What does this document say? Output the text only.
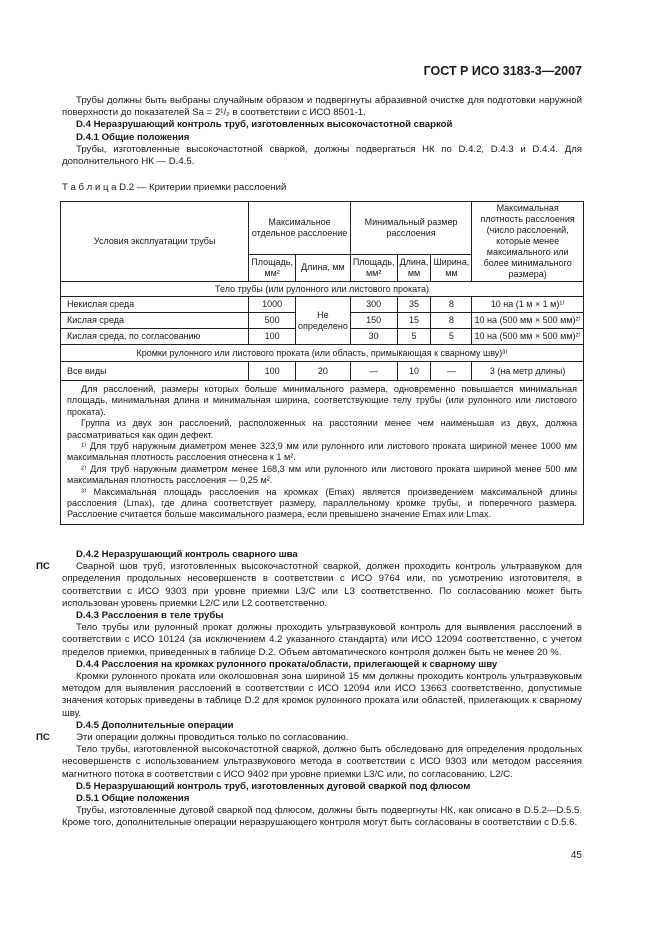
ГОСТ Р ИСО 3183-3—2007

Трубы должны быть выбраны случайным образом и подвергнуты абразивной очистке для подготовки наружной поверхности до показателей Sa = 2¹/₂ в соответствии с ИСО 8501-1.

D.4 Неразрушающий контроль труб, изготовленных высокочастотной сваркой

D.4.1 Общие положения

Трубы, изготовленные высокочастотной сваркой, должны подвергаться НК по D.4.2, D.4.3 и D.4.4. Для дополнительного НК — D.4.5.

Т а б л и ц а D.2 — Критерии приемки расслоений
Условия эксплуатации трубы	Максимальное отдельное расслоение		Минимальный размер расслоения			Максимальная плотность расслоения (число расслоений, которые менее максимального или более минимального размера)
	Площадь, мм²	Длина, мм	Площадь, мм²	Длина, мм	Ширина, мм	
Тело трубы (или рулонного или листового проката)						
Некислая среда	1000	Не определено	300	35	8	10 на (1 м × 1 м)¹⁾
Кислая среда	500		150	15	8	10 на (500 мм × 500 мм)²⁾
Кислая среда, по согласованию	100		30	5	5	10 на (500 мм × 500 мм)²⁾
Кромки рулонного или листового проката (или область, примыкающая к сварному шву)³⁾						
Все виды	100	20	—	10	—	3 (на метр длины)

Для расслоений, размеры которых больше минимального размера, одновременно повышается минимальная площадь, минимальная длина и минимальная ширина, соответствующие телу трубы (или рулонного или листового проката).

Группа из двух зон расслоений, расположенных на расстоянии менее чем наименьшая из двух, должна рассматриваться как один дефект.

¹⁾ Для труб наружным диаметром менее 323,9 мм или рулонного или листового проката шириной менее 1000 мм максимальная плотность расслоения отнесена к 1 м².

²⁾ Для труб наружным диаметром менее 168,3 мм или рулонного или листового проката шириной менее 500 мм максимальная плотность расслоения — 0,25 м².

³⁾ Максимальная площадь расслоения на кромках (Emax) является произведением максимальной длины расслоения (Lmax), где длина соответствует размеру, параллельному кромке трубы, и поперечного размера. Расслоение считается больше максимального размера, если превышено значение Emax или Lmax.						

D.4.2 Неразрушающий контроль сварного шва

Сварной шов труб, изготовленных высокочастотной сваркой, должен проходить контроль ультразвуком для определения продольных несовершенств в соответствии с ИСО 9764 или, по усмотрению изготовителя, в соответствии с ИСО 9303 при уровне приемки L3/C или L3 соответственно. По согласованию может быть использован уровень приемки L2/C или L2 соответственно.

D.4.3 Расслоения в теле трубы

Тело трубы или рулонный прокат должны проходить ультразвуковой контроль для выявления расслоений в соответствии с ИСО 10124 (за исключением 4.2 указанного стандарта) или ИСО 12094 соответственно, с учетом пределов приемки, приведенных в таблице D.2. Объем автоматического контроля должен быть не менее 20 %.

D.4.4 Расслоения на кромках рулонного проката/области, прилегающей к сварному шву

Кромки рулонного проката или околошовная зона шириной 15 мм должны проходить контроль ультразвуковым методом для выявления расслоений в соответствии с ИСО 12094 или ИСО 13663 соответственно, допустимые значения которых приведены в таблице D.2 для кромок рулонного проката или областей, прилегающих к сварному шву.

D.4.5 Дополнительные операции

Эти операции должны проводиться только по согласованию.

Тело трубы, изготовленной высокочастотной сваркой, должно быть обследовано для определения продольных несовершенств с использованием ультразвукового метода в соответствии с ИСО 9303 или методом рассеяния магнитного потока в соответствии с ИСО 9402 при уровне приемки L3/C или, по согласованию, L2/C.

D.5 Неразрушающий контроль труб, изготовленных дуговой сваркой под флюсом

D.5.1 Общие положения

Трубы, изготовленные дуговой сваркой под флюсом, должны быть подвергнуты НК, как описано в D.5.2—D.5.5. Кроме того, дополнительные операции неразрушающего контроля могут быть согласованы в соответствии с D.5.6.

ПС
ПС
45
